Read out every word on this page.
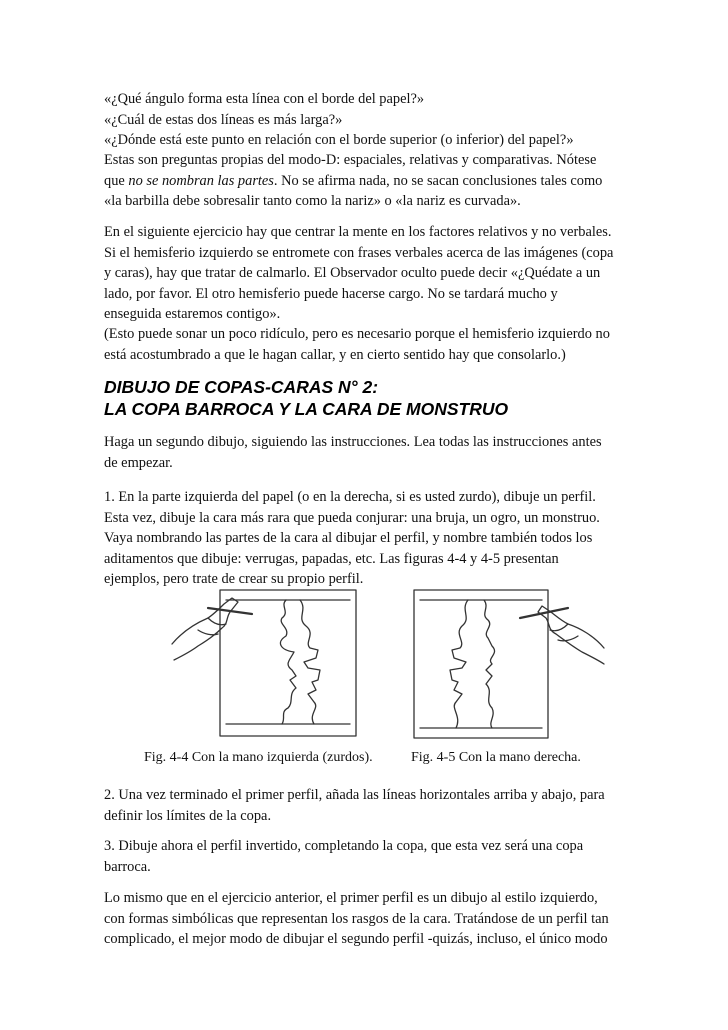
«¿Qué ángulo forma esta línea con el borde del papel?»
«¿Cuál de estas dos líneas es más larga?»
«¿Dónde está este punto en relación con el borde superior (o inferior) del papel?»

Estas son preguntas propias del modo-D: espaciales, relativas y comparativas. Nótese
que no se nombran las partes. No se afirma nada, no se sacan conclusiones tales como
«la barbilla debe sobresalir tanto como la nariz» o «la nariz es curvada».

En el siguiente ejercicio hay que centrar la mente en los factores relativos y no verbales.
Si el hemisferio izquierdo se entromete con frases verbales acerca de las imágenes (copa
y caras), hay que tratar de calmarlo. El Observador oculto puede decir «¿Quédate a un
lado, por favor. El otro hemisferio puede hacerse cargo. No se tardará mucho y
enseguida estaremos contigo».

(Esto puede sonar un poco ridículo, pero es necesario porque el hemisferio izquierdo no
está acostumbrado a que le hagan callar, y en cierto sentido hay que consolarlo.)

DIBUJO DE COPAS-CARAS N° 2:
LA COPA BARROCA Y LA CARA DE MONSTRUO

Haga un segundo dibujo, siguiendo las instrucciones. Lea todas las instrucciones antes
de empezar.

1. En la parte izquierda del papel (o en la derecha, si es usted zurdo), dibuje un perfil.
Esta vez, dibuje la cara más rara que pueda conjurar: una bruja, un ogro, un monstruo.
Vaya nombrando las partes de la cara al dibujar el perfil, y nombre también todos los
aditamentos que dibuje: verrugas, papadas, etc. Las figuras 4-4 y 4-5 presentan
ejemplos, pero trate de crear su propio perfil.

Fig. 4-4 Con la mano izquierda (zurdos).	Fig. 4-5 Con la mano derecha.

2. Una vez terminado el primer perfil, añada las líneas horizontales arriba y abajo, para
definir los límites de la copa.

3. Dibuje ahora el perfil invertido, completando la copa, que esta vez será una copa
barroca.

Lo mismo que en el ejercicio anterior, el primer perfil es un dibujo al estilo izquierdo,
con formas simbólicas que representan los rasgos de la cara. Tratándose de un perfil tan
complicado, el mejor modo de dibujar el segundo perfil -quizás, incluso, el único modo
